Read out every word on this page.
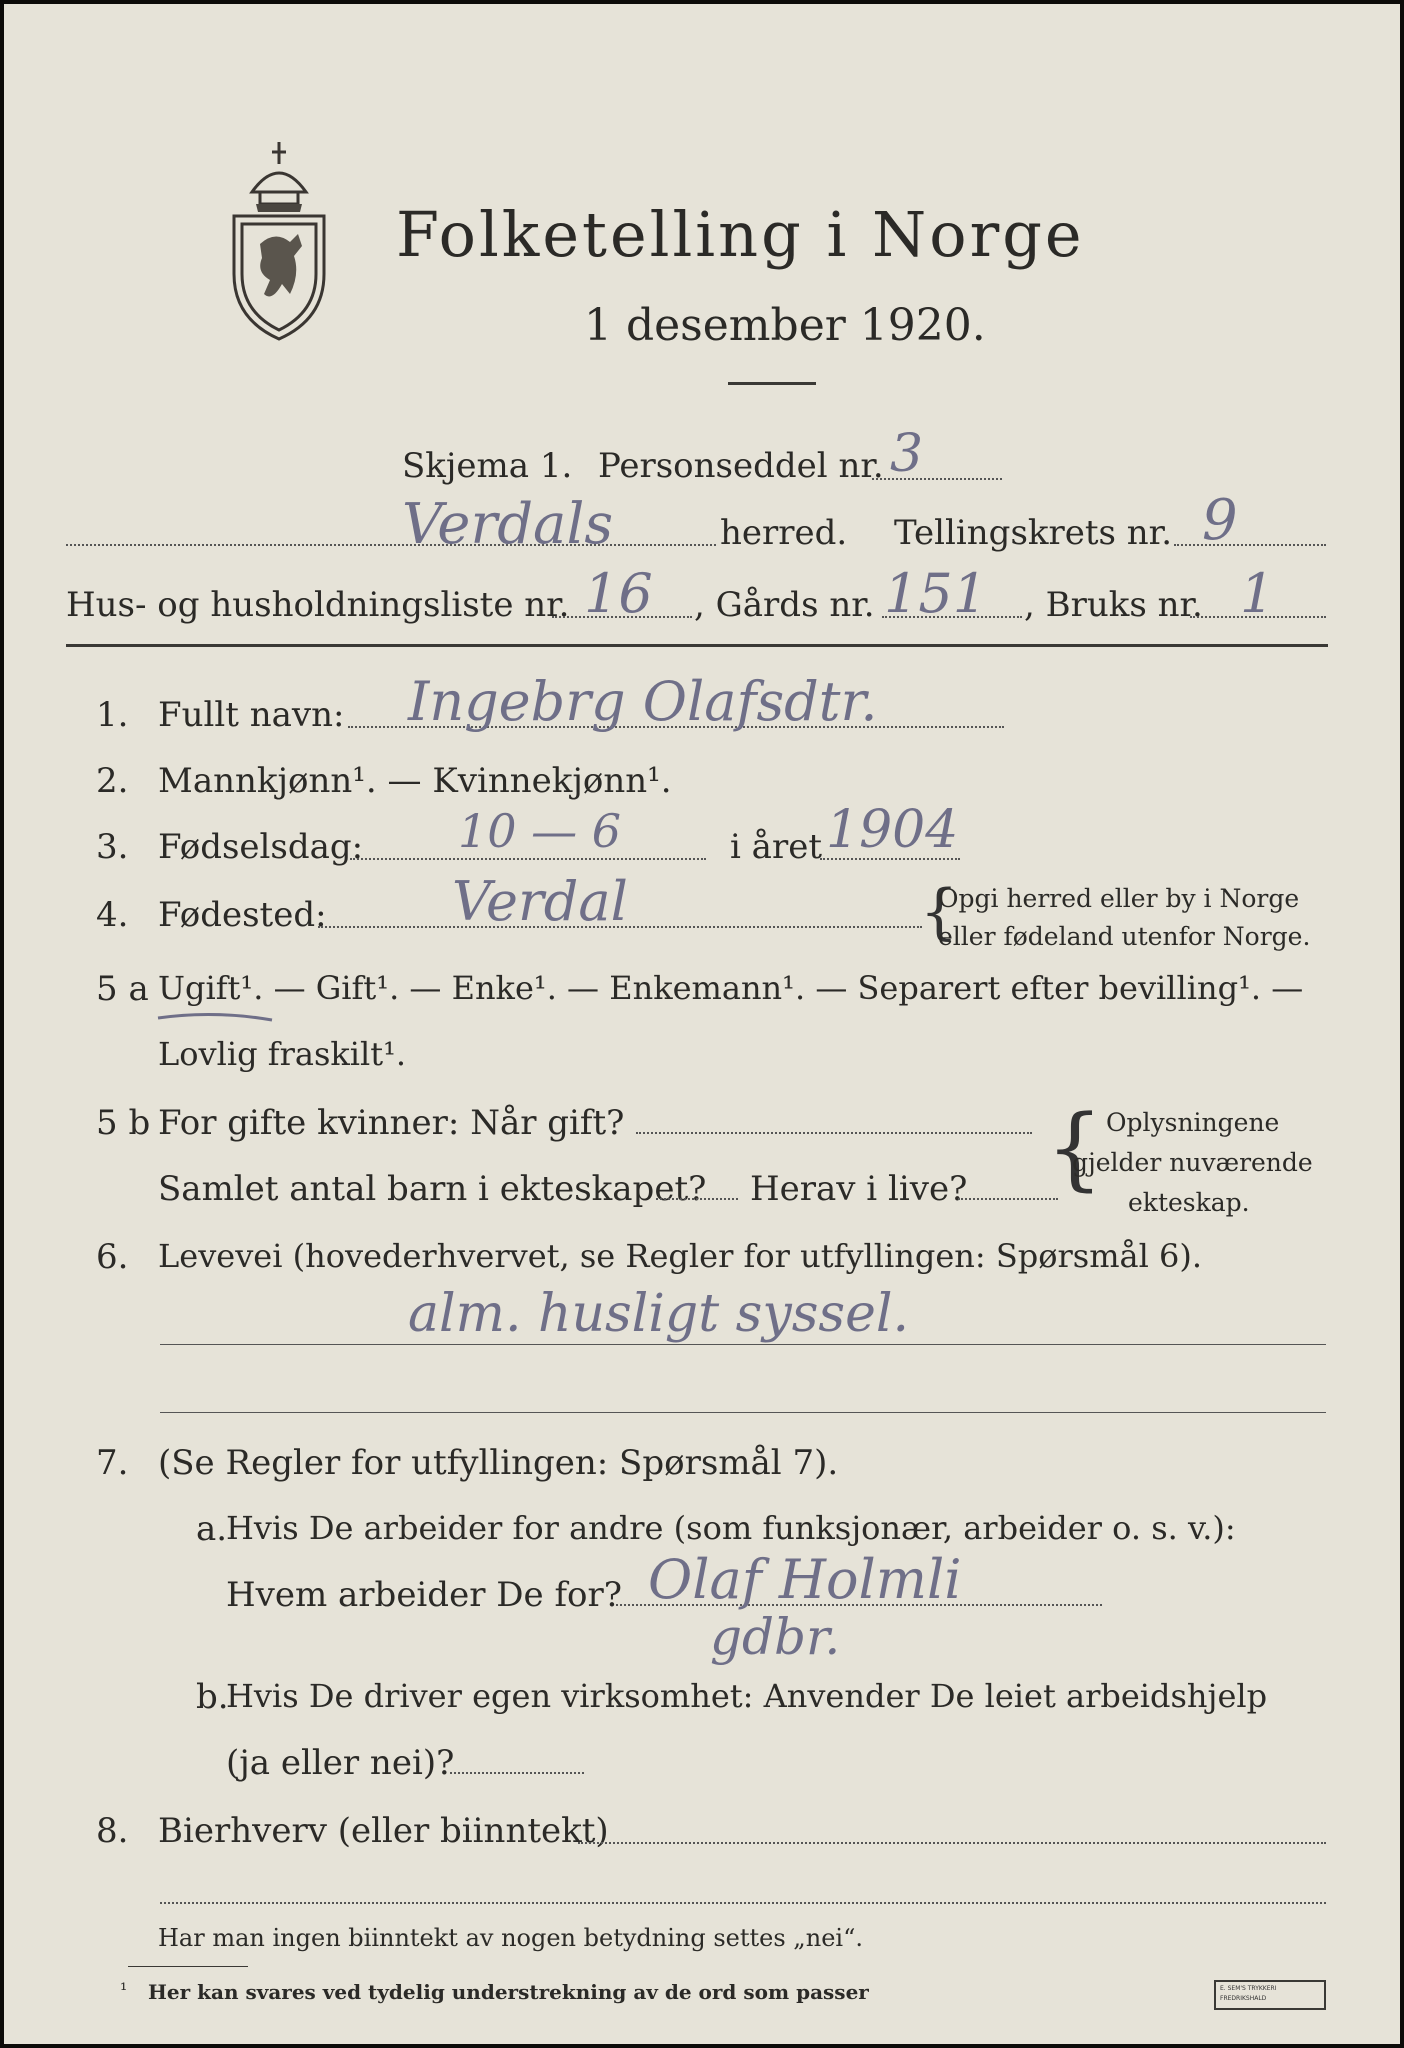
Folketelling i Norge
1 desember 1920.
Skjema 1. Personseddel nr. 3
Verdals	herred. Tellingskrets nr. 9
Hus- og husholdningsliste nr. 16 , Gårds nr. 151 , Bruks nr. 1
1. Fullt navn: Ingebrg Olafsdtr.
2. Mannkjønn¹. — Kvinnekjønn¹.
3. Fødselsdag: 10 — 6	i året 1904
4. Fødested: Verdal	{
Opgi herred eller by i Norge
eller fødeland utenfor Norge.
5 a Ugift¹. — Gift¹. — Enke¹. — Enkemann¹. — Separert efter bevilling¹. —
Lovlig fraskilt¹.
5 b For gifte kvinner: Når gift?
Samlet antal barn i ekteskapet? Herav i live? { Oplysningene
gjelder nuværende
ekteskap.
6. Levevei (hovederhvervet, se Regler for utfyllingen: Spørsmål 6).
alm. husligt syssel.
7. (Se Regler for utfyllingen: Spørsmål 7).
a.
Hvis De arbeider for andre (som funksjonær, arbeider o. s. v.):
Hvem arbeider De for? Olaf Holmli
gdbr.
b.
Hvis De driver egen virksomhet: Anvender De leiet arbeidshjelp
(ja eller nei)?
8. Bierhverv (eller biinntekt)
Har man ingen biinntekt av nogen betydning settes „nei“.
¹ Her kan svares ved tydelig understrekning av de ord som passer	E. SEM'S TRYKKERI FREDRIKSHALD
